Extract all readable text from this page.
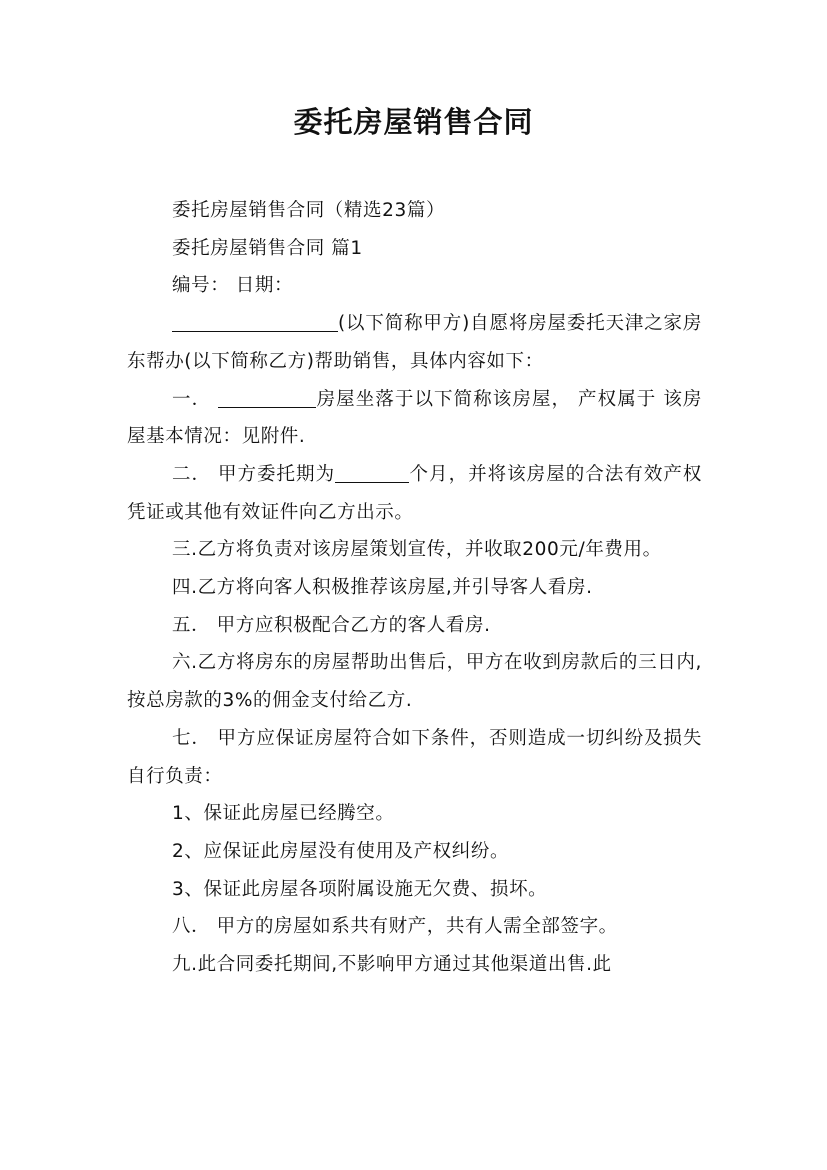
委托房屋销售合同

委托房屋销售合同（精选23篇）

委托房屋销售合同 篇1

编号： 日期：

(以下简称甲方)自愿将房屋委托天津之家房东帮办(以下简称乙方)帮助销售，具体内容如下：

一．	房屋坐落于以下简称该房屋， 产权属于 该房屋基本情况：见附件.

二． 甲方委托期为	个月，并将该房屋的合法有效产权凭证或其他有效证件向乙方出示。

三.乙方将负责对该房屋策划宣传，并收取200元/年费用。

四.乙方将向客人积极推荐该房屋,并引导客人看房.

五． 甲方应积极配合乙方的客人看房.

六.乙方将房东的房屋帮助出售后，甲方在收到房款后的三日内,按总房款的3%的佣金支付给乙方.

七． 甲方应保证房屋符合如下条件，否则造成一切纠纷及损失自行负责：

1、保证此房屋已经腾空。

2、应保证此房屋没有使用及产权纠纷。

3、保证此房屋各项附属设施无欠费、损坏。

八． 甲方的房屋如系共有财产，共有人需全部签字。

九.此合同委托期间,不影响甲方通过其他渠道出售.此
